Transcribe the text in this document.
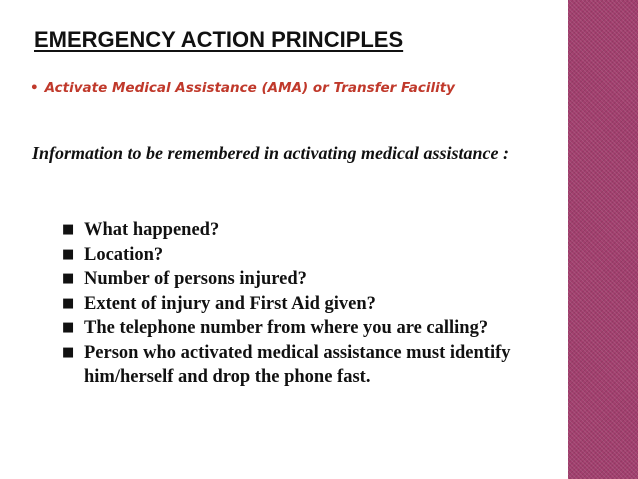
EMERGENCY ACTION PRINCIPLES
• Activate Medical Assistance (AMA) or Transfer Facility

Information to be remembered in activating medical assistance :

■ What happened?
■ Location?
■ Number of persons injured?
■ Extent of injury and First Aid given?
■ The telephone number from where you are calling?
■ Person who activated medical assistance must identify him/herself and drop the phone fast.
